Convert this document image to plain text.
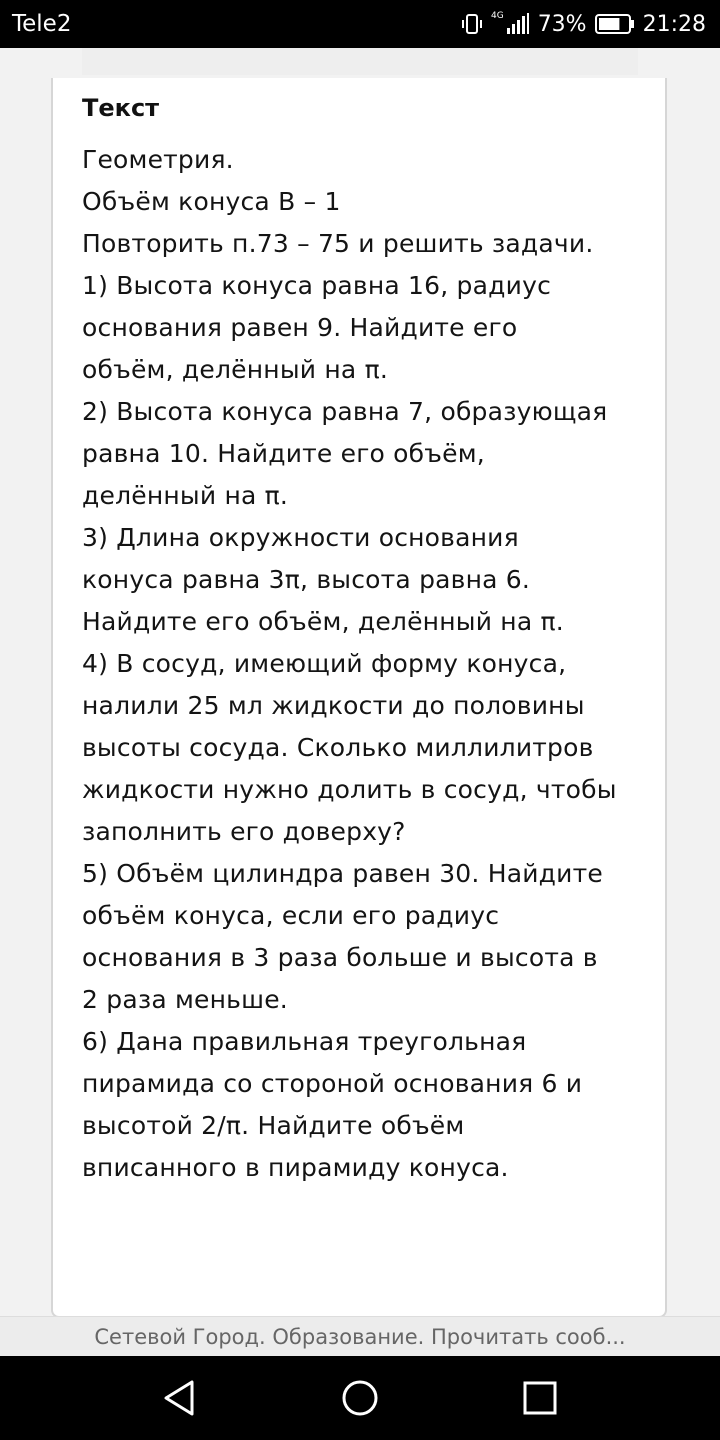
Tele2	4G 73%	21:28
Текст
Геометрия.
Объём конуса В – 1
Повторить п.73 – 75 и решить задачи.
1) Высота конуса равна 16, радиус
основания равен 9. Найдите его
объём, делённый на π.
2) Высота конуса равна 7, образующая
равна 10. Найдите его объём,
делённый на π.
3) Длина окружности основания
конуса равна 3π, высота равна 6.
Найдите его объём, делённый на π.
4) В сосуд, имеющий форму конуса,
налили 25 мл жидкости до половины
высоты сосуда. Сколько миллилитров
жидкости нужно долить в сосуд, чтобы
заполнить его доверху?
5) Объём цилиндра равен 30. Найдите
объём конуса, если его радиус
основания в 3 раза больше и высота в
2 раза меньше.
6) Дана правильная треугольная
пирамида со стороной основания 6 и
высотой 2/π. Найдите объём
вписанного в пирамиду конуса.
Сетевой Город. Образование. Прочитать сооб...
